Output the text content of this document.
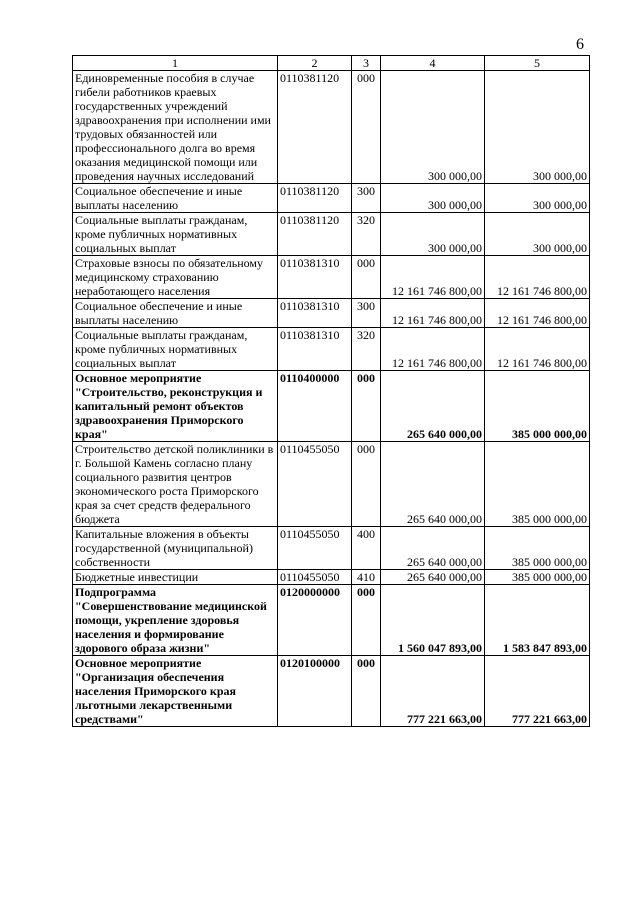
6
1	2	3	4	5
Единовременные пособия в случае гибели работников краевых государственных учреждений здравоохранения при исполнении ими трудовых обязанностей или профессионального долга во время оказания медицинской помощи или проведения научных исследований	0110381120	000	300 000,00	300 000,00
Социальное обеспечение и иные выплаты населению	0110381120	300	300 000,00	300 000,00
Социальные выплаты гражданам, кроме публичных нормативных социальных выплат	0110381120	320	300 000,00	300 000,00
Страховые взносы по обязательному медицинскому страхованию неработающего населения	0110381310	000	12 161 746 800,00	12 161 746 800,00
Социальное обеспечение и иные выплаты населению	0110381310	300	12 161 746 800,00	12 161 746 800,00
Социальные выплаты гражданам, кроме публичных нормативных социальных выплат	0110381310	320	12 161 746 800,00	12 161 746 800,00
Основное мероприятие "Строительство, реконструкция и капитальный ремонт объектов здравоохранения Приморского края"	0110400000	000	265 640 000,00	385 000 000,00
Строительство детской поликлиники в г. Большой Камень согласно плану социального развития центров экономического роста Приморского края за счет средств федерального бюджета	0110455050	000	265 640 000,00	385 000 000,00
Капитальные вложения в объекты государственной (муниципальной) собственности	0110455050	400	265 640 000,00	385 000 000,00
Бюджетные инвестиции	0110455050	410	265 640 000,00	385 000 000,00
Подпрограмма "Совершенствование медицинской помощи, укрепление здоровья населения и формирование здорового образа жизни"	0120000000	000	1 560 047 893,00	1 583 847 893,00
Основное мероприятие "Организация обеспечения населения Приморского края льготными лекарственными средствами"	0120100000	000	777 221 663,00	777 221 663,00
